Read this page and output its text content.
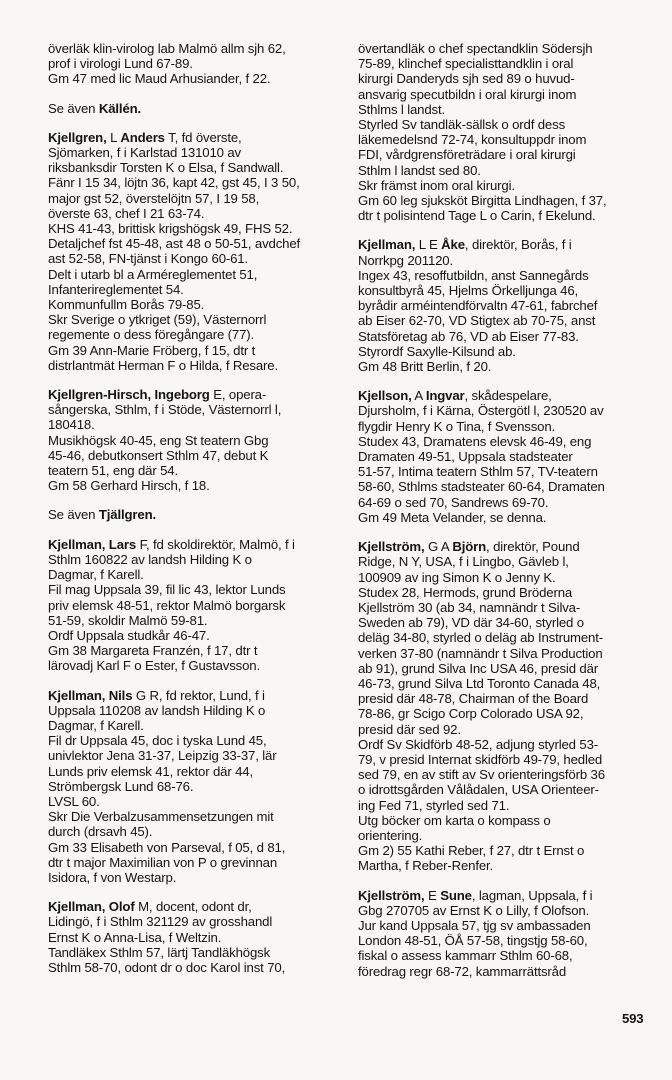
överläk klin-virolog lab Malmö allm sjh 62,
prof i virologi Lund 67-89.
Gm 47 med lic Maud Arhusiander, f 22.
Se även Källén.
Kjellgren, L Anders T, fd överste,
Sjömarken, f i Karlstad 131010 av
riksbanksdir Torsten K o Elsa, f Sandwall.
Fänr I 15 34, löjtn 36, kapt 42, gst 45, I 3 50,
major gst 52, överstelöjtn 57, I 19 58,
överste 63, chef I 21 63-74.
KHS 41-43, brittisk krigshögsk 49, FHS 52.
Detaljchef fst 45-48, ast 48 o 50-51, avdchef
ast 52-58, FN-tjänst i Kongo 60-61.
Delt i utarb bl a Arméreglementet 51,
Infanterireglementet 54.
Kommunfullm Borås 79-85.
Skr Sverige o ytkriget (59), Västernorrl
regemente o dess föregångare (77).
Gm 39 Ann-Marie Fröberg, f 15, dtr t
distrlantmät Herman F o Hilda, f Resare.
Kjellgren-Hirsch, Ingeborg E, opera-
sångerska, Sthlm, f i Stöde, Västernorrl l,
180418.
Musikhögsk 40-45, eng St teatern Gbg
45-46, debutkonsert Sthlm 47, debut K
teatern 51, eng där 54.
Gm 58 Gerhard Hirsch, f 18.
Se även Tjällgren.
Kjellman, Lars F, fd skoldirektör, Malmö, f i
Sthlm 160822 av landsh Hilding K o
Dagmar, f Karell.
Fil mag Uppsala 39, fil lic 43, lektor Lunds
priv elemsk 48-51, rektor Malmö borgarsk
51-59, skoldir Malmö 59-81.
Ordf Uppsala studkår 46-47.
Gm 38 Margareta Franzén, f 17, dtr t
lärovadj Karl F o Ester, f Gustavsson.
Kjellman, Nils G R, fd rektor, Lund, f i
Uppsala 110208 av landsh Hilding K o
Dagmar, f Karell.
Fil dr Uppsala 45, doc i tyska Lund 45,
univlektor Jena 31-37, Leipzig 33-37, lär
Lunds priv elemsk 41, rektor där 44,
Strömbergsk Lund 68-76.
LVSL 60.
Skr Die Verbalzusammensetzungen mit
durch (drsavh 45).
Gm 33 Elisabeth von Parseval, f 05, d 81,
dtr t major Maximilian von P o grevinnan
Isidora, f von Westarp.
Kjellman, Olof M, docent, odont dr,
Lidingö, f i Sthlm 321129 av grosshandl
Ernst K o Anna-Lisa, f Weltzin.
Tandläkex Sthlm 57, lärtj Tandläkhögsk
Sthlm 58-70, odont dr o doc Karol inst 70,
övertandläk o chef spectandklin Södersjh
75-89, klinchef specialisttandklin i oral
kirurgi Danderyds sjh sed 89 o huvud-
ansvarig specutbildn i oral kirurgi inom
Sthlms l landst.
Styrled Sv tandläk-sällsk o ordf dess
läkemedelsnd 72-74, konsultuppdr inom
FDI, vårdgrensföreträdare i oral kirurgi
Sthlm l landst sed 80.
Skr främst inom oral kirurgi.
Gm 60 leg sjuksköt Birgitta Lindhagen, f 37,
dtr t polisintend Tage L o Carin, f Ekelund.
Kjellman, L E Åke, direktör, Borås, f i
Norrkpg 201120.
Ingex 43, resoffutbildn, anst Sannegårds
konsultbyrå 45, Hjelms Örkelljunga 46,
byrådir arméintendförvaltn 47-61, fabrchef
ab Eiser 62-70, VD Stigtex ab 70-75, anst
Statsföretag ab 76, VD ab Eiser 77-83.
Styrordf Saxylle-Kilsund ab.
Gm 48 Britt Berlin, f 20.
Kjellson, A Ingvar, skådespelare,
Djursholm, f i Kärna, Östergötl l, 230520 av
flygdir Henry K o Tina, f Svensson.
Studex 43, Dramatens elevsk 46-49, eng
Dramaten 49-51, Uppsala stadsteater
51-57, Intima teatern Sthlm 57, TV-teatern
58-60, Sthlms stadsteater 60-64, Dramaten
64-69 o sed 70, Sandrews 69-70.
Gm 49 Meta Velander, se denna.
Kjellström, G A Björn, direktör, Pound
Ridge, N Y, USA, f i Lingbo, Gävleb l,
100909 av ing Simon K o Jenny K.
Studex 28, Hermods, grund Bröderna
Kjellström 30 (ab 34, namnändr t Silva-
Sweden ab 79), VD där 34-60, styrled o
deläg 34-80, styrled o deläg ab Instrument-
verken 37-80 (namnändr t Silva Production
ab 91), grund Silva Inc USA 46, presid där
46-73, grund Silva Ltd Toronto Canada 48,
presid där 48-78, Chairman of the Board
78-86, gr Scigo Corp Colorado USA 92,
presid där sed 92.
Ordf Sv Skidförb 48-52, adjung styrled 53-
79, v presid Internat skidförb 49-79, hedled
sed 79, en av stift av Sv orienteringsförb 36
o idrottsgården Vålådalen, USA Orienteer-
ing Fed 71, styrled sed 71.
Utg böcker om karta o kompass o
orientering.
Gm 2) 55 Kathi Reber, f 27, dtr t Ernst o
Martha, f Reber-Renfer.
Kjellström, E Sune, lagman, Uppsala, f i
Gbg 270705 av Ernst K o Lilly, f Olofson.
Jur kand Uppsala 57, tjg sv ambassaden
London 48-51, ÖÅ 57-58, tingstjg 58-60,
fiskal o assess kammarr Sthlm 60-68,
föredrag regr 68-72, kammarrättsråd
593
